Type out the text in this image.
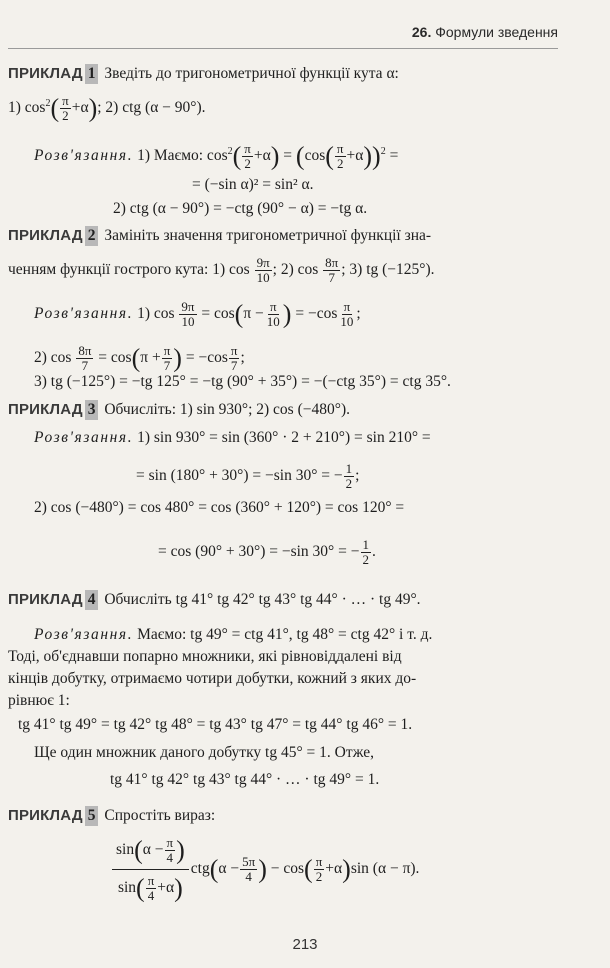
26. Формули зведення
ПРИКЛАД 1 Зведіть до тригонометричної функції кута α:
1) $\cos^2( \frac{\pi}{2} +\alpha)$; 2) ctg (α − 90°).
Розв'язання. 1) Маємо: $\cos^2( \frac{\pi}{2} +\alpha) = (\cos( \frac{\pi}{2} +\alpha))^2$ =
= (−sin α)² = sin² α.
2) ctg (α − 90°) = −ctg (90° − α) = −tg α.
ПРИКЛАД 2 Замініть значення тригонометричної функції зна-
ченням функції гострого кута: 1) $\cos \frac{9\pi}{10}$ ; 2) $\cos \frac{8\pi}{7}$ ; 3) tg (−125°).
Розв'язання. 1) $\cos \frac{9\pi}{10} = \cos(\pi - \frac{\pi}{10}$ ) = $-\cos \frac{\pi}{10}$ ;
2) $\cos \frac{8\pi}{7} = \cos(\pi + \frac{\pi}{7}$ ) = $-\cos \frac{\pi}{7}$ ;
3) tg (−125°) = −tg 125° = −tg (90° + 35°) = −(−ctg 35°) = ctg 35°.
ПРИКЛАД 3 Обчисліть: 1) sin 930°; 2) cos (−480°).
Розв'язання. 1) sin 930° = sin (360° · 2 + 210°) = sin 210° =
= sin (180° + 30°) = −sin 30° = − $\frac{1}{2}$ ;
2) cos (−480°) = cos 480° = cos (360° + 120°) = cos 120° =
= cos (90° + 30°) = −sin 30° = − $\frac{1}{2}$ .
ПРИКЛАД 4 Обчисліть tg 41° tg 42° tg 43° tg 44° · … · tg 49°.
Розв'язання. Маємо: tg 49° = ctg 41°, tg 48° = ctg 42° і т. д.
Тоді, об'єднавши попарно множники, які рівновіддалені від
кінців добутку, отримаємо чотири добутки, кожний з яких до-
рівнює 1:
tg 41° tg 49° = tg 42° tg 48° = tg 43° tg 47° = tg 44° tg 46° = 1.
Ще один множник даного добутку tg 45° = 1. Отже,
tg 41° tg 42° tg 43° tg 44° · … · tg 49° = 1.
ПРИКЛАД 5 Спростіть вираз:
$\frac{\sin(\alpha - \frac{\pi}{4} )}{\sin( \frac{\pi}{4} +\alpha)} ctg(\alpha - \frac{5\pi}{4}$ ) − $\cos( \frac{\pi}{2} +\alpha)\sin$ (α − π).
213
